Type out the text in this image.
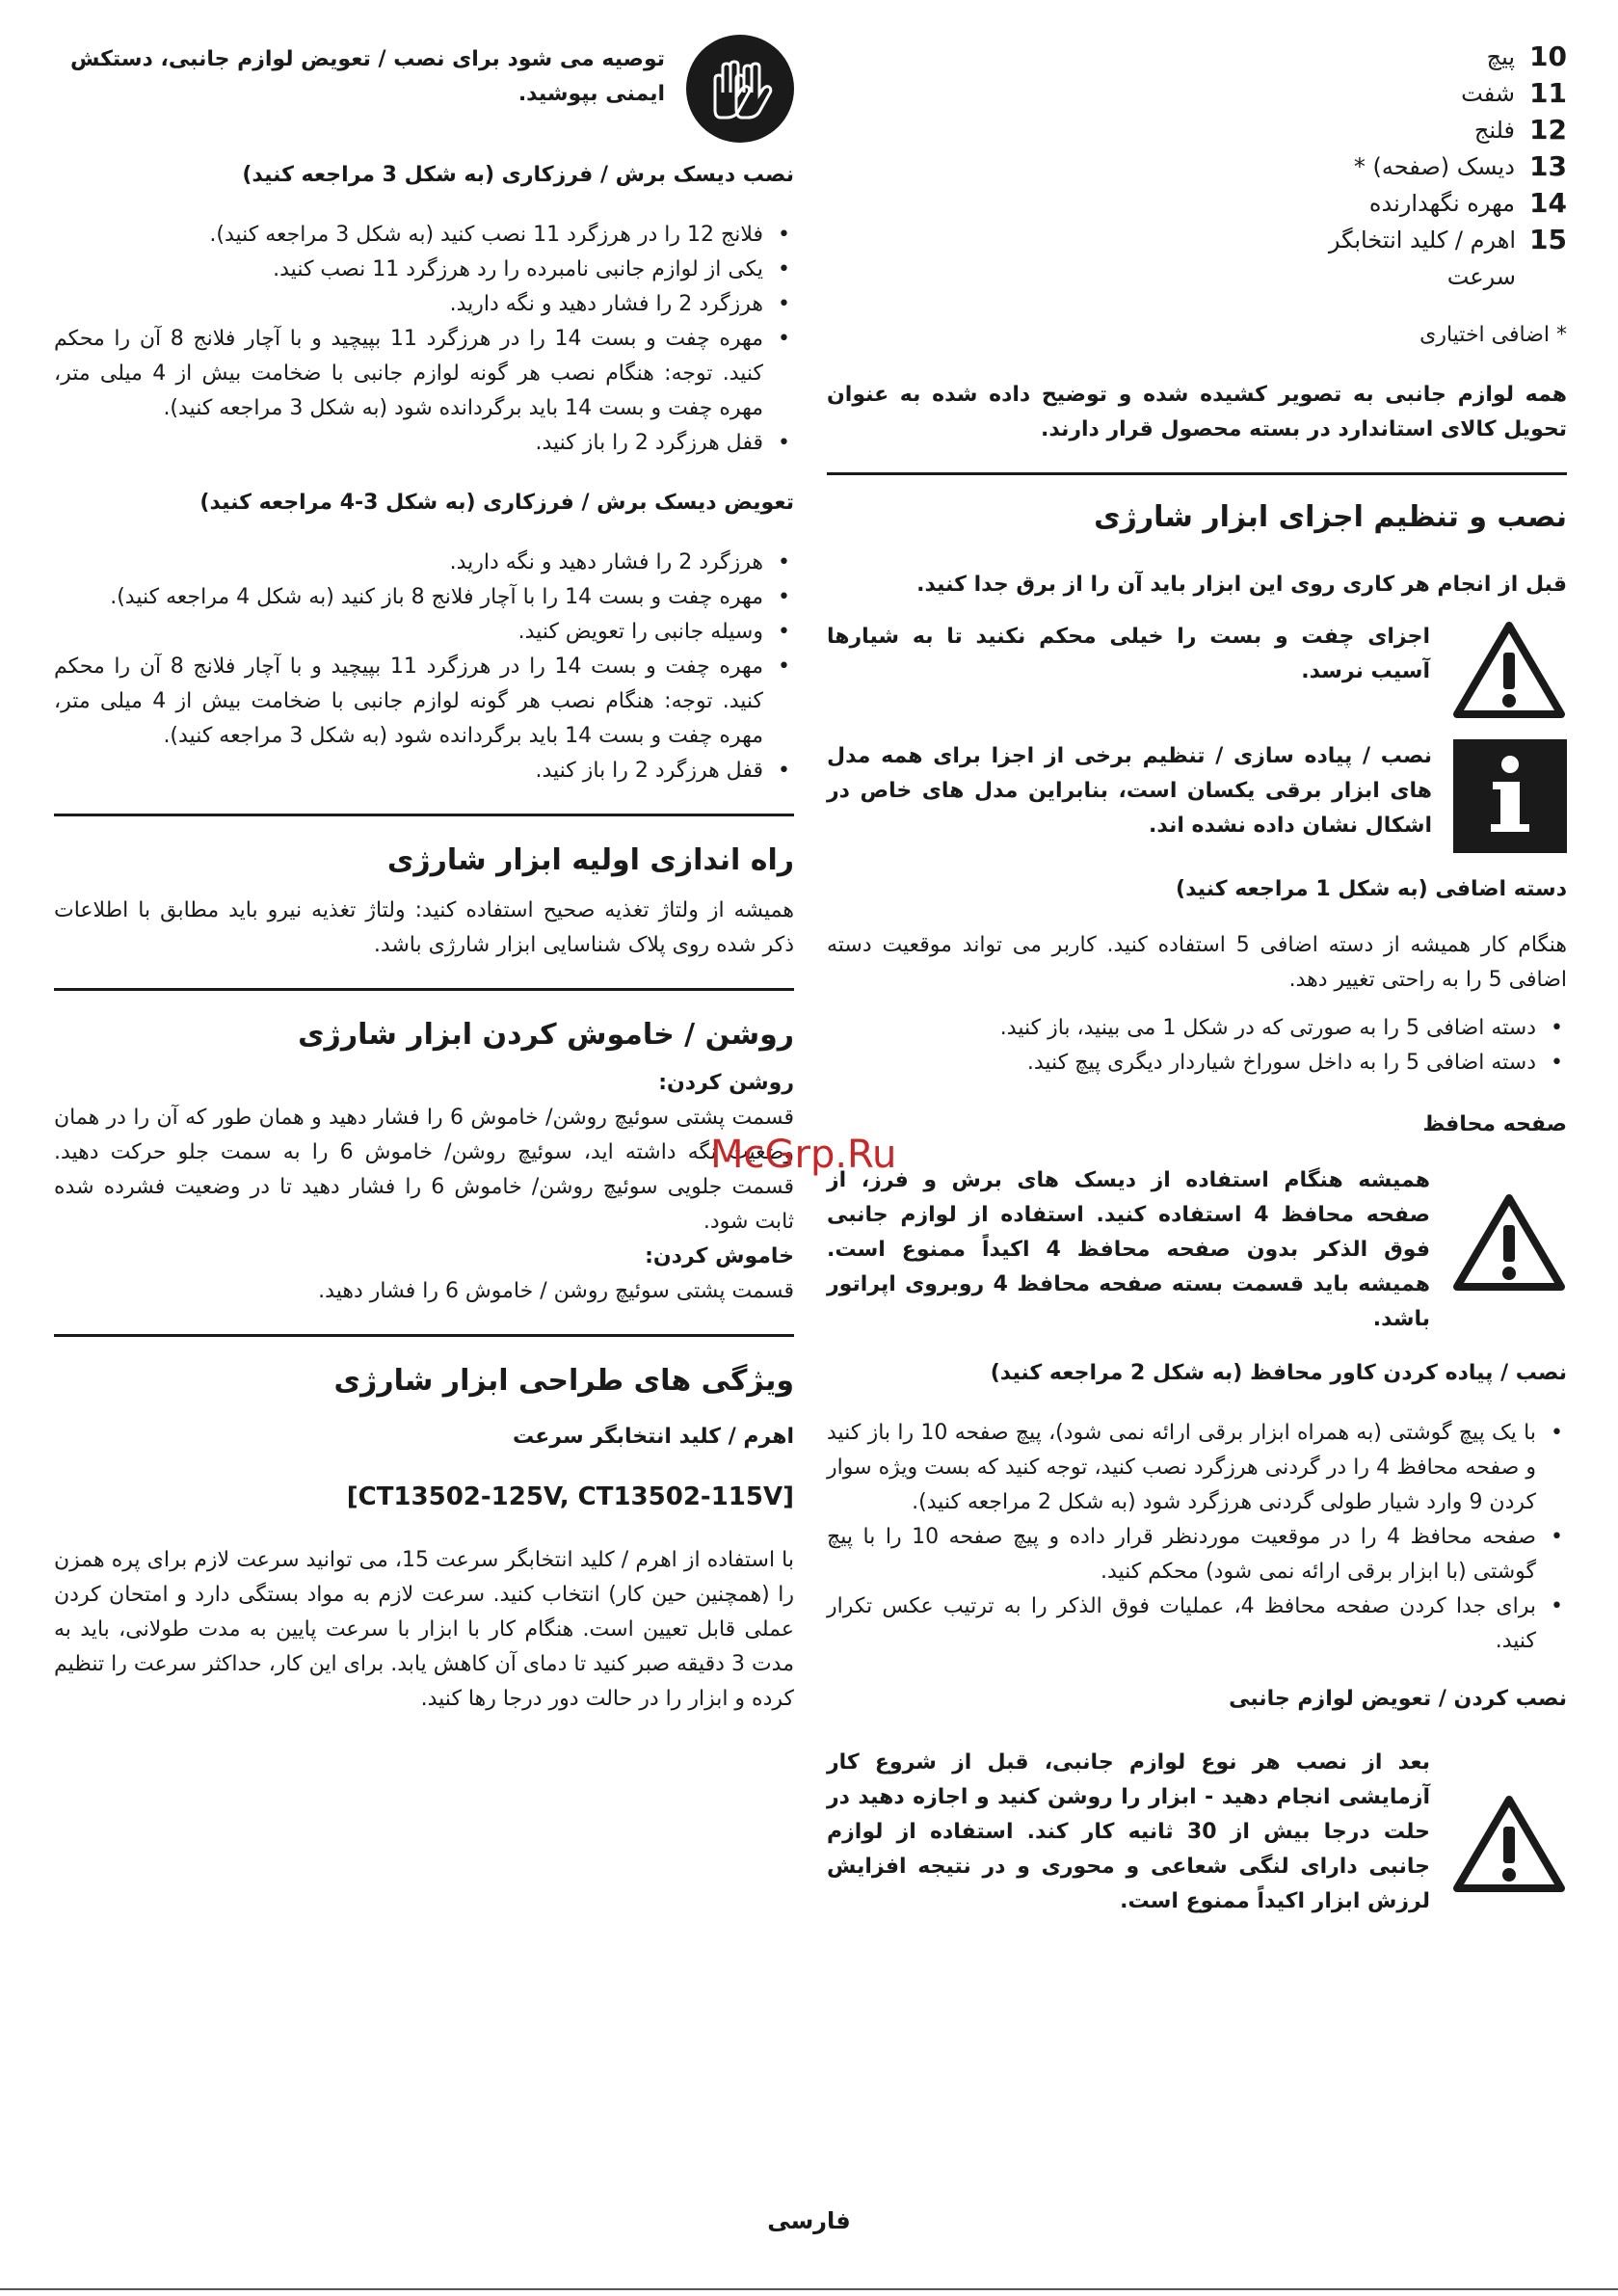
10
پیچ
11
شفت
12
فلنج
13
دیسک (صفحه) *
14
مهره نگهدارنده
15
اهرم / کلید انتخابگر سرعت

* اضافی اختیاری

همه لوازم جانبی به تصویر کشیده شده و توضیح داده شده به عنوان تحویل کالای استاندارد در بسته محصول قرار دارند.

نصب و تنظیم اجزای ابزار شارژی

قبل از انجام هر کاری روی این ابزار باید آن را از برق جدا کنید.

اجزای چفت و بست را خیلی محکم نکنید تا به شیارها آسیب نرسد.

نصب / پیاده سازی / تنظیم برخی از اجزا برای همه مدل های ابزار برقی یکسان است، بنابراین مدل های خاص در اشکال نشان داده نشده اند.

دسته اضافی (به شکل 1 مراجعه کنید)

هنگام کار همیشه از دسته اضافی 5 استفاده کنید. کاربر می تواند موقعیت دسته اضافی 5 را به راحتی تغییر دهد.

• دسته اضافی 5 را به صورتی که در شکل 1 می بینید، باز کنید.
• دسته اضافی 5 را به داخل سوراخ شیاردار دیگری پیچ کنید.

صفحه محافظ

همیشه هنگام استفاده از دیسک های برش و فرز، از صفحه محافظ 4 استفاده کنید. استفاده از لوازم جانبی فوق الذکر بدون صفحه محافظ 4 اکیداً ممنوع است. همیشه باید قسمت بسته صفحه محافظ 4 روبروی اپراتور باشد.

نصب / پیاده کردن کاور محافظ (به شکل 2 مراجعه کنید)

• با یک پیچ گوشتی (به همراه ابزار برقی ارائه نمی شود)، پیچ صفحه 10 را باز کنید و صفحه محافظ 4 را در گردنی هرزگرد نصب کنید، توجه کنید که بست ویژه سوار کردن 9 وارد شیار طولی گردنی هرزگرد شود (به شکل 2 مراجعه کنید).
• صفحه محافظ 4 را در موقعیت موردنظر قرار داده و پیچ صفحه 10 را با پیچ گوشتی (با ابزار برقی ارائه نمی شود) محکم کنید.
• برای جدا کردن صفحه محافظ 4، عملیات فوق الذکر را به ترتیب عکس تکرار کنید.

نصب کردن / تعویض لوازم جانبی

بعد از نصب هر نوع لوازم جانبی، قبل از شروع کار آزمایشی انجام دهید - ابزار را روشن کنید و اجازه دهید در حلت درجا بیش از 30 ثانیه کار کند. استفاده از لوازم جانبی دارای لنگی شعاعی و محوری و در نتیجه افزایش لرزش ابزار اکیداً ممنوع است.

توصیه می شود برای نصب / تعویض لوازم جانبی، دستکش ایمنی بپوشید.

نصب دیسک برش / فرزکاری (به شکل 3 مراجعه کنید)

• فلانج 12 را در هرزگرد 11 نصب کنید (به شکل 3 مراجعه کنید).
• یکی از لوازم جانبی نامبرده را رد هرزگرد 11 نصب کنید.
• هرزگرد 2 را فشار دهید و نگه دارید.
• مهره چفت و بست 14 را در هرزگرد 11 بپیچید و با آچار فلانج 8 آن را محکم کنید. توجه: هنگام نصب هر گونه لوازم جانبی با ضخامت بیش از 4 میلی متر، مهره چفت و بست 14 باید برگردانده شود (به شکل 3 مراجعه کنید).
• قفل هرزگرد 2 را باز کنید.

تعویض دیسک برش / فرزکاری (به شکل 3-4 مراجعه کنید)

• هرزگرد 2 را فشار دهید و نگه دارید.
• مهره چفت و بست 14 را با آچار فلانج 8 باز کنید (به شکل 4 مراجعه کنید).
• وسیله جانبی را تعویض کنید.
• مهره چفت و بست 14 را در هرزگرد 11 بپیچید و با آچار فلانج 8 آن را محکم کنید. توجه: هنگام نصب هر گونه لوازم جانبی با ضخامت بیش از 4 میلی متر، مهره چفت و بست 14 باید برگردانده شود (به شکل 3 مراجعه کنید).
• قفل هرزگرد 2 را باز کنید.

راه اندازی اولیه ابزار شارژی

همیشه از ولتاژ تغذیه صحیح استفاده کنید: ولتاژ تغذیه نیرو باید مطابق با اطلاعات ذکر شده روی پلاک شناسایی ابزار شارژی باشد.

روشن / خاموش کردن ابزار شارژی

روشن کردن:

قسمت پشتی سوئیچ روشن/ خاموش 6 را فشار دهید و همان طور که آن را در همان وضعیت نگه داشته اید، سوئیچ روشن/ خاموش 6 را به سمت جلو حرکت دهید. قسمت جلویی سوئیچ روشن/ خاموش 6 را فشار دهید تا در وضعیت فشرده شده ثابت شود.

خاموش کردن:

قسمت پشتی سوئیچ روشن / خاموش 6 را فشار دهید.

ویژگی های طراحی ابزار شارژی

اهرم / کلید انتخابگر سرعت

[CT13502-125V, CT13502-115V]

با استفاده از اهرم / کلید انتخابگر سرعت 15، می توانید سرعت لازم برای پره همزن را (همچنین حین کار) انتخاب کنید. سرعت لازم به مواد بستگی دارد و امتحان کردن عملی قابل تعیین است. هنگام کار با ابزار با سرعت پایین به مدت طولانی، باید به مدت 3 دقیقه صبر کنید تا دمای آن کاهش یابد. برای این کار، حداکثر سرعت را تنظیم کرده و ابزار را در حالت دور درجا رها کنید.

McGrp.Ru
فارسی
